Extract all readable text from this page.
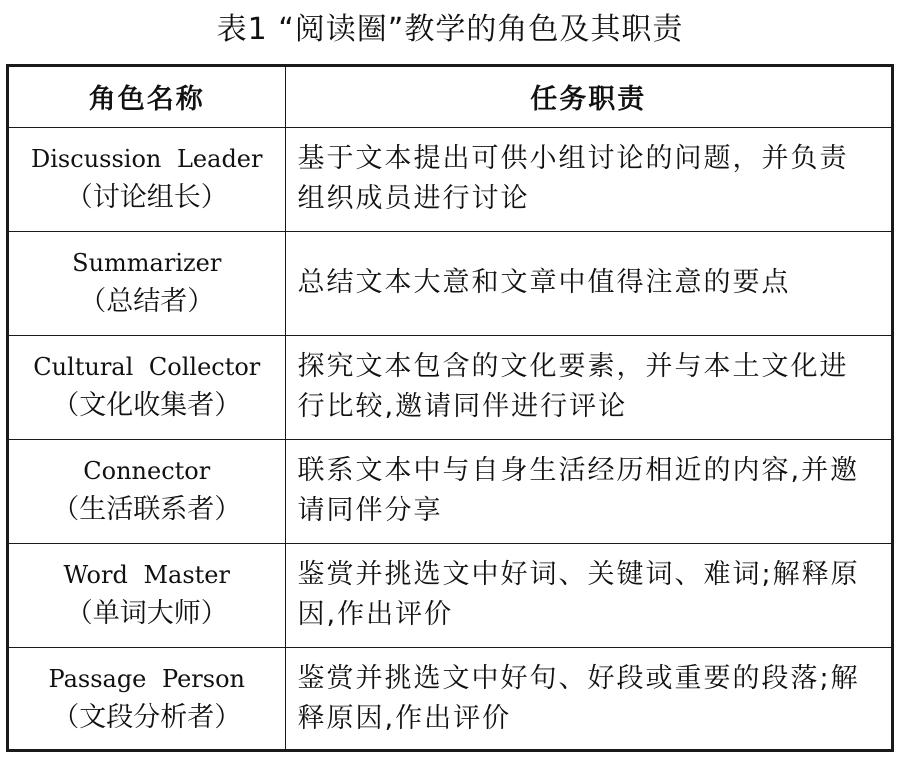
表1 “阅读圈”教学的角色及其职责
角色名称	任务职责

Discussion Leader
（讨论组长）	基于文本提出可供小组讨论的问题，并负责组织成员进行讨论

Summarizer
（总结者）	总结文本大意和文章中值得注意的要点

Cultural Collector
（文化收集者）	探究文本包含的文化要素，并与本土文化进行比较,邀请同伴进行评论

Connector
（生活联系者）	联系文本中与自身生活经历相近的内容,并邀请同伴分享

Word Master
（单词大师）	鉴赏并挑选文中好词、关键词、难词;解释原因,作出评价

Passage Person
（文段分析者）	鉴赏并挑选文中好句、好段或重要的段落;解释原因,作出评价
